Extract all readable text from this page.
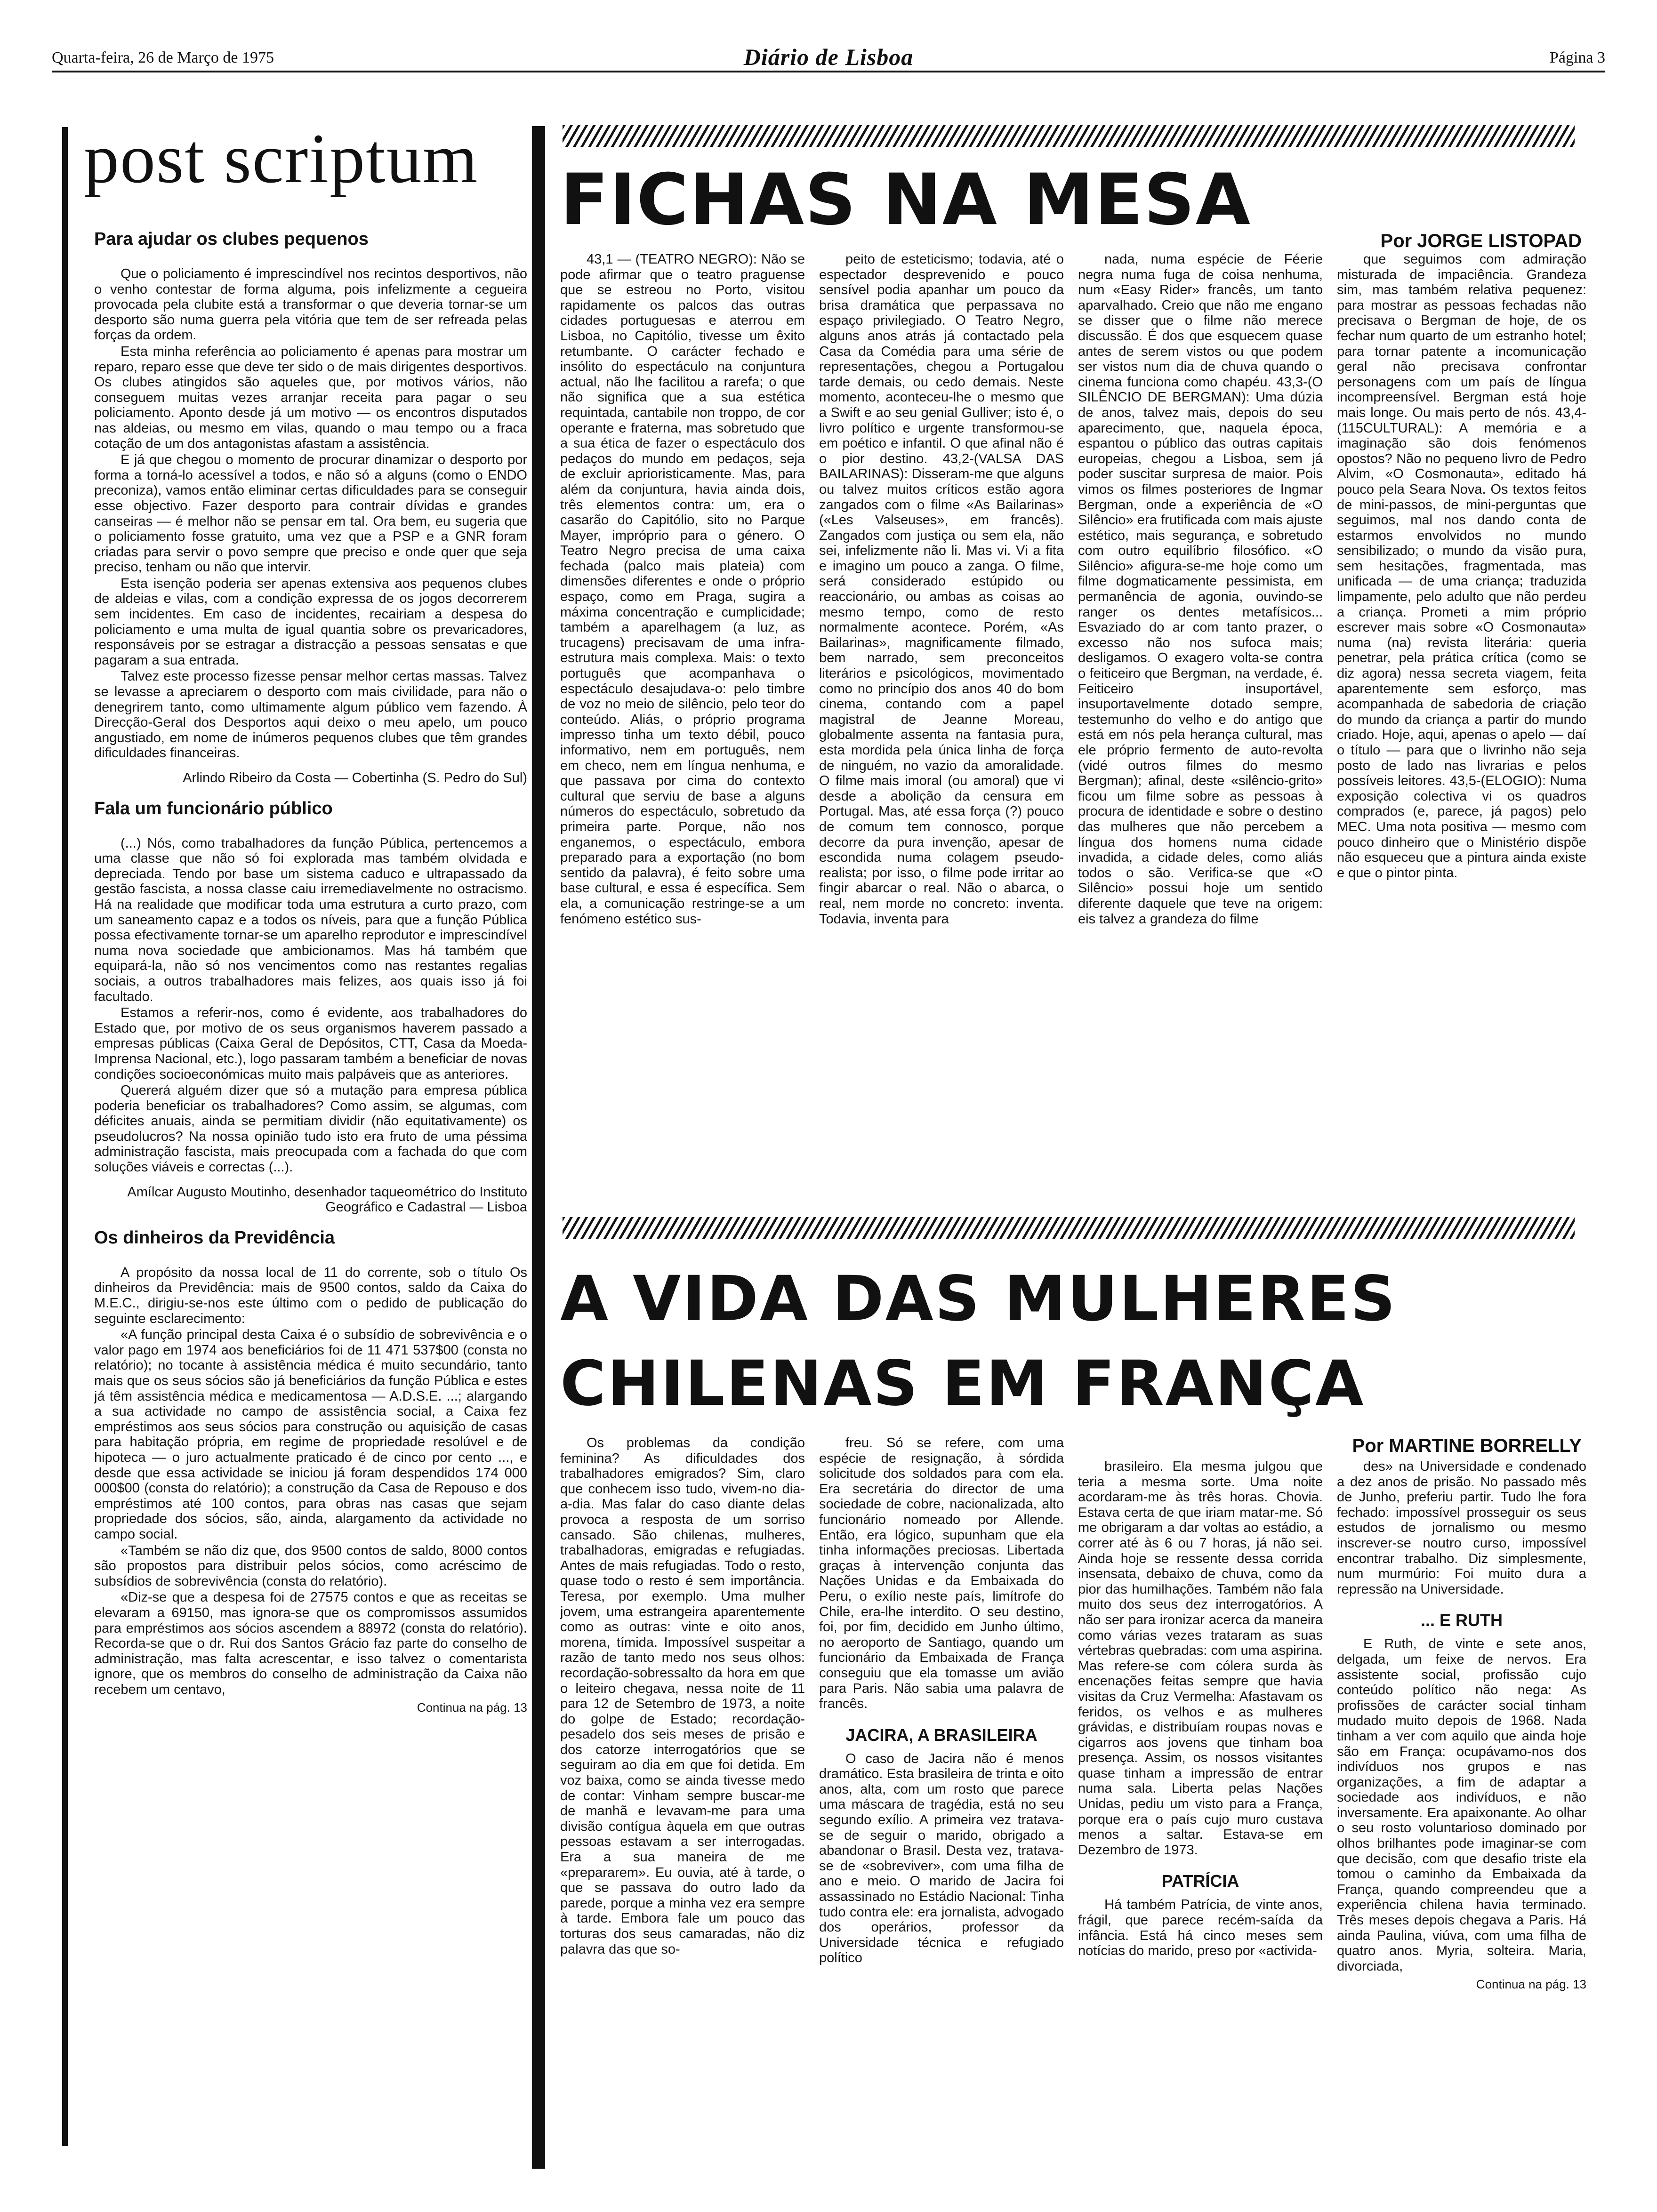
Quarta-feira, 26 de Março de 1975	Diário de Lisboa	Página 3
post scriptum
Para ajudar os clubes pequenos

Que o policiamento é imprescindível nos recintos desportivos, não o venho contestar de forma alguma, pois infelizmente a cegueira provocada pela clubite está a transformar o que deveria tornar-se um desporto são numa guerra pela vitória que tem de ser refreada pelas forças da ordem.

Esta minha referência ao policiamento é apenas para mostrar um reparo, reparo esse que deve ter sido o de mais dirigentes desportivos. Os clubes atingidos são aqueles que, por motivos vários, não conseguem muitas vezes arranjar receita para pagar o seu policiamento. Aponto desde já um motivo — os encontros disputados nas aldeias, ou mesmo em vilas, quando o mau tempo ou a fraca cotação de um dos antagonistas afastam a assistência.

E já que chegou o momento de procurar dinamizar o desporto por forma a torná-lo acessível a todos, e não só a alguns (como o ENDO preconiza), vamos então eliminar certas dificuldades para se conseguir esse objectivo. Fazer desporto para contrair dívidas e grandes canseiras — é melhor não se pensar em tal. Ora bem, eu sugeria que o policiamento fosse gratuito, uma vez que a PSP e a GNR foram criadas para servir o povo sempre que preciso e onde quer que seja preciso, tenham ou não que intervir.

Esta isenção poderia ser apenas extensiva aos pequenos clubes de aldeias e vilas, com a condição expressa de os jogos decorrerem sem incidentes. Em caso de incidentes, recairiam a despesa do policiamento e uma multa de igual quantia sobre os prevaricadores, responsáveis por se estragar a distracção a pessoas sensatas e que pagaram a sua entrada.

Talvez este processo fizesse pensar melhor certas massas. Talvez se levasse a apreciarem o desporto com mais civilidade, para não o denegrirem tanto, como ultimamente algum público vem fazendo. À Direcção-Geral dos Desportos aqui deixo o meu apelo, um pouco angustiado, em nome de inúmeros pequenos clubes que têm grandes dificuldades financeiras.

Arlindo Ribeiro da Costa — Cobertinha (S. Pedro do Sul)

Fala um funcionário público

(...) Nós, como trabalhadores da função Pública, pertencemos a uma classe que não só foi explorada mas também olvidada e depreciada. Tendo por base um sistema caduco e ultrapassado da gestão fascista, a nossa classe caiu irremediavelmente no ostracismo. Há na realidade que modificar toda uma estrutura a curto prazo, com um saneamento capaz e a todos os níveis, para que a função Pública possa efectivamente tornar-se um aparelho reprodutor e imprescindível numa nova sociedade que ambicionamos. Mas há também que equipará-la, não só nos vencimentos como nas restantes regalias sociais, a outros trabalhadores mais felizes, aos quais isso já foi facultado.

Estamos a referir-nos, como é evidente, aos trabalhadores do Estado que, por motivo de os seus organismos haverem passado a empresas públicas (Caixa Geral de Depósitos, CTT, Casa da Moeda-Imprensa Nacional, etc.), logo passaram também a beneficiar de novas condições socioeconómicas muito mais palpáveis que as anteriores.

Quererá alguém dizer que só a mutação para empresa pública poderia beneficiar os trabalhadores? Como assim, se algumas, com déficites anuais, ainda se permitiam dividir (não equitativamente) os pseudolucros? Na nossa opinião tudo isto era fruto de uma péssima administração fascista, mais preocupada com a fachada do que com soluções viáveis e correctas (...).

Amílcar Augusto Moutinho, desenhador taqueométrico do Instituto Geográfico e Cadastral — Lisboa

Os dinheiros da Previdência

A propósito da nossa local de 11 do corrente, sob o título Os dinheiros da Previdência: mais de 9500 contos, saldo da Caixa do M.E.C., dirigiu-se-nos este último com o pedido de publicação do seguinte esclarecimento:

«A função principal desta Caixa é o subsídio de sobrevivência e o valor pago em 1974 aos beneficiários foi de 11 471 537$00 (consta no relatório); no tocante à assistência médica é muito secundário, tanto mais que os seus sócios são já beneficiários da função Pública e estes já têm assistência médica e medicamentosa — A.D.S.E. ...; alargando a sua actividade no campo de assistência social, a Caixa fez empréstimos aos seus sócios para construção ou aquisição de casas para habitação própria, em regime de propriedade resolúvel e de hipoteca — o juro actualmente praticado é de cinco por cento ..., e desde que essa actividade se iniciou já foram despendidos 174 000 000$00 (consta do relatório); a construção da Casa de Repouso e dos empréstimos até 100 contos, para obras nas casas que sejam propriedade dos sócios, são, ainda, alargamento da actividade no campo social.

«Também se não diz que, dos 9500 contos de saldo, 8000 contos são propostos para distribuir pelos sócios, como acréscimo de subsídios de sobrevivência (consta do relatório).

«Diz-se que a despesa foi de 27575 contos e que as receitas se elevaram a 69150, mas ignora-se que os compromissos assumidos para empréstimos aos sócios ascendem a 88972 (consta do relatório). Recorda-se que o dr. Rui dos Santos Grácio faz parte do conselho de administração, mas falta acrescentar, e isso talvez o comentarista ignore, que os membros do conselho de administração da Caixa não recebem um centavo,

Continua na pág. 13

FICHAS NA MESA	Por JORGE LISTOPAD

43,1 — (TEATRO NEGRO): Não se pode afirmar que o teatro praguense que se estreou no Porto, visitou rapidamente os palcos das outras cidades portuguesas e aterrou em Lisboa, no Capitólio, tivesse um êxito retumbante. O carácter fechado e insólito do espectáculo na conjuntura actual, não lhe facilitou a rarefa; o que não significa que a sua estética requintada, cantabile non troppo, de cor operante e fraterna, mas sobretudo que a sua ética de fazer o espectáculo dos pedaços do mundo em pedaços, seja de excluir aprioristicamente. Mas, para além da conjuntura, havia ainda dois, três elementos contra: um, era o casarão do Capitólio, sito no Parque Mayer, impróprio para o género. O Teatro Negro precisa de uma caixa fechada (palco mais plateia) com dimensões diferentes e onde o próprio espaço, como em Praga, sugira a máxima concentração e cumplicidade; também a aparelhagem (a luz, as trucagens) precisavam de uma infra-estrutura mais complexa. Mais: o texto português que acompanhava o espectáculo desajudava-o: pelo timbre de voz no meio de silêncio, pelo teor do conteúdo. Aliás, o próprio programa impresso tinha um texto débil, pouco informativo, nem em português, nem em checo, nem em língua nenhuma, e que passava por cima do contexto cultural que serviu de base a alguns números do espectáculo, sobretudo da primeira parte. Porque, não nos enganemos, o espectáculo, embora preparado para a exportação (no bom sentido da palavra), é feito sobre uma base cultural, e essa é específica. Sem ela, a comunicação restringe-se a um fenómeno estético sus-

peito de esteticismo; todavia, até o espectador desprevenido e pouco sensível podia apanhar um pouco da brisa dramática que perpassava no espaço privilegiado. O Teatro Negro, alguns anos atrás já contactado pela Casa da Comédia para uma série de representações, chegou a Portugalou tarde demais, ou cedo demais. Neste momento, aconteceu-lhe o mesmo que a Swift e ao seu genial Gulliver; isto é, o livro político e urgente transformou-se em poético e infantil. O que afinal não é o pior destino. 43,2-(VALSA DAS BAILARINAS): Disseram-me que alguns ou talvez muitos críticos estão agora zangados com o filme «As Bailarinas» («Les Valseuses», em francês). Zangados com justiça ou sem ela, não sei, infelizmente não li. Mas vi. Vi a fita e imagino um pouco a zanga. O filme, será considerado estúpido ou reaccionário, ou ambas as coisas ao mesmo tempo, como de resto normalmente acontece. Porém, «As Bailarinas», magnificamente filmado, bem narrado, sem preconceitos literários e psicológicos, movimentado como no princípio dos anos 40 do bom cinema, contando com a papel magistral de Jeanne Moreau, globalmente assenta na fantasia pura, esta mordida pela única linha de força de ninguém, no vazio da amoralidade. O filme mais imoral (ou amoral) que vi desde a abolição da censura em Portugal. Mas, até essa força (?) pouco de comum tem connosco, porque decorre da pura invenção, apesar de escondida numa colagem pseudo-realista; por isso, o filme pode irritar ao fingir abarcar o real. Não o abarca, o real, nem morde no concreto: inventa. Todavia, inventa para

nada, numa espécie de Féerie negra numa fuga de coisa nenhuma, num «Easy Rider» francês, um tanto aparvalhado. Creio que não me engano se disser que o filme não merece discussão. É dos que esquecem quase antes de serem vistos ou que podem ser vistos num dia de chuva quando o cinema funciona como chapéu. 43,3-(O SILÊNCIO DE BERGMAN): Uma dúzia de anos, talvez mais, depois do seu aparecimento, que, naquela época, espantou o público das outras capitais europeias, chegou a Lisboa, sem já poder suscitar surpresa de maior. Pois vimos os filmes posteriores de Ingmar Bergman, onde a experiência de «O Silêncio» era frutificada com mais ajuste estético, mais segurança, e sobretudo com outro equilíbrio filosófico. «O Silêncio» afigura-se-me hoje como um filme dogmaticamente pessimista, em permanência de agonia, ouvindo-se ranger os dentes metafísicos... Esvaziado do ar com tanto prazer, o excesso não nos sufoca mais; desligamos. O exagero volta-se contra o feiticeiro que Bergman, na verdade, é. Feiticeiro insuportável, insuportavelmente dotado sempre, testemunho do velho e do antigo que está em nós pela herança cultural, mas ele próprio fermento de auto-revolta (vidé outros filmes do mesmo Bergman); afinal, deste «silêncio-grito» ficou um filme sobre as pessoas à procura de identidade e sobre o destino das mulheres que não percebem a língua dos homens numa cidade invadida, a cidade deles, como aliás todos o são. Verifica-se que «O Silêncio» possui hoje um sentido diferente daquele que teve na origem: eis talvez a grandeza do filme

que seguimos com admiração misturada de impaciência. Grandeza sim, mas também relativa pequenez: para mostrar as pessoas fechadas não precisava o Bergman de hoje, de os fechar num quarto de um estranho hotel; para tornar patente a incomunicação geral não precisava confrontar personagens com um país de língua incompreensível. Bergman está hoje mais longe. Ou mais perto de nós. 43,4-(115CULTURAL): A memória e a imaginação são dois fenómenos opostos? Não no pequeno livro de Pedro Alvim, «O Cosmonauta», editado há pouco pela Seara Nova. Os textos feitos de mini-passos, de mini-perguntas que seguimos, mal nos dando conta de estarmos envolvidos no mundo sensibilizado; o mundo da visão pura, sem hesitações, fragmentada, mas unificada — de uma criança; traduzida limpamente, pelo adulto que não perdeu a criança. Prometi a mim próprio escrever mais sobre «O Cosmonauta» numa (na) revista literária: queria penetrar, pela prática crítica (como se diz agora) nessa secreta viagem, feita aparentemente sem esforço, mas acompanhada de sabedoria de criação do mundo da criança a partir do mundo criado. Hoje, aqui, apenas o apelo — daí o título — para que o livrinho não seja posto de lado nas livrarias e pelos possíveis leitores. 43,5-(ELOGIO): Numa exposição colectiva vi os quadros comprados (e, parece, já pagos) pelo MEC. Uma nota positiva — mesmo com pouco dinheiro que o Ministério dispõe não esqueceu que a pintura ainda existe e que o pintor pinta.

A VIDA DAS MULHERES
CHILENAS EM FRANÇA
Por MARTINE BORRELLY

Os problemas da condição feminina? As dificuldades dos trabalhadores emigrados? Sim, claro que conhecem isso tudo, vivem-no dia-a-dia. Mas falar do caso diante delas provoca a resposta de um sorriso cansado. São chilenas, mulheres, trabalhadoras, emigradas e refugiadas. Antes de mais refugiadas. Todo o resto, quase todo o resto é sem importância. Teresa, por exemplo. Uma mulher jovem, uma estrangeira aparentemente como as outras: vinte e oito anos, morena, tímida. Impossível suspeitar a razão de tanto medo nos seus olhos: recordação-sobressalto da hora em que o leiteiro chegava, nessa noite de 11 para 12 de Setembro de 1973, a noite do golpe de Estado; recordação-pesadelo dos seis meses de prisão e dos catorze interrogatórios que se seguiram ao dia em que foi detida. Em voz baixa, como se ainda tivesse medo de contar: Vinham sempre buscar-me de manhã e levavam-me para uma divisão contígua àquela em que outras pessoas estavam a ser interrogadas. Era a sua maneira de me «prepararem». Eu ouvia, até à tarde, o que se passava do outro lado da parede, porque a minha vez era sempre à tarde. Embora fale um pouco das torturas dos seus camaradas, não diz palavra das que so-

freu. Só se refere, com uma espécie de resignação, à sórdida solicitude dos soldados para com ela. Era secretária do director de uma sociedade de cobre, nacionalizada, alto funcionário nomeado por Allende. Então, era lógico, supunham que ela tinha informações preciosas. Libertada graças à intervenção conjunta das Nações Unidas e da Embaixada do Peru, o exílio neste país, limítrofe do Chile, era-lhe interdito. O seu destino, foi, por fim, decidido em Junho último, no aeroporto de Santiago, quando um funcionário da Embaixada de França conseguiu que ela tomasse um avião para Paris. Não sabia uma palavra de francês.

JACIRA, A BRASILEIRA

O caso de Jacira não é menos dramático. Esta brasileira de trinta e oito anos, alta, com um rosto que parece uma máscara de tragédia, está no seu segundo exílio. A primeira vez tratava-se de seguir o marido, obrigado a abandonar o Brasil. Desta vez, tratava-se de «sobreviver», com uma filha de ano e meio. O marido de Jacira foi assassinado no Estádio Nacional: Tinha tudo contra ele: era jornalista, advogado dos operários, professor da Universidade técnica e refugiado político

brasileiro. Ela mesma julgou que teria a mesma sorte. Uma noite acordaram-me às três horas. Chovia. Estava certa de que iriam matar-me. Só me obrigaram a dar voltas ao estádio, a correr até às 6 ou 7 horas, já não sei. Ainda hoje se ressente dessa corrida insensata, debaixo de chuva, como da pior das humilhações. Também não fala muito dos seus dez interrogatórios. A não ser para ironizar acerca da maneira como várias vezes trataram as suas vértebras quebradas: com uma aspirina. Mas refere-se com cólera surda às encenações feitas sempre que havia visitas da Cruz Vermelha: Afastavam os feridos, os velhos e as mulheres grávidas, e distribuíam roupas novas e cigarros aos jovens que tinham boa presença. Assim, os nossos visitantes quase tinham a impressão de entrar numa sala. Liberta pelas Nações Unidas, pediu um visto para a França, porque era o país cujo muro custava menos a saltar. Estava-se em Dezembro de 1973.

PATRÍCIA

Há também Patrícia, de vinte anos, frágil, que parece recém-saída da infância. Está há cinco meses sem notícias do marido, preso por «activida-

des» na Universidade e condenado a dez anos de prisão. No passado mês de Junho, preferiu partir. Tudo lhe fora fechado: impossível prosseguir os seus estudos de jornalismo ou mesmo inscrever-se noutro curso, impossível encontrar trabalho. Diz simplesmente, num murmúrio: Foi muito dura a repressão na Universidade.

... E RUTH

E Ruth, de vinte e sete anos, delgada, um feixe de nervos. Era assistente social, profissão cujo conteúdo político não nega: As profissões de carácter social tinham mudado muito depois de 1968. Nada tinham a ver com aquilo que ainda hoje são em França: ocupávamo-nos dos indivíduos nos grupos e nas organizações, a fim de adaptar a sociedade aos indivíduos, e não inversamente. Era apaixonante. Ao olhar o seu rosto voluntarioso dominado por olhos brilhantes pode imaginar-se com que decisão, com que desafio triste ela tomou o caminho da Embaixada da França, quando compreendeu que a experiência chilena havia terminado. Três meses depois chegava a Paris. Há ainda Paulina, viúva, com uma filha de quatro anos. Myria, solteira. Maria, divorciada,

Continua na pág. 13
